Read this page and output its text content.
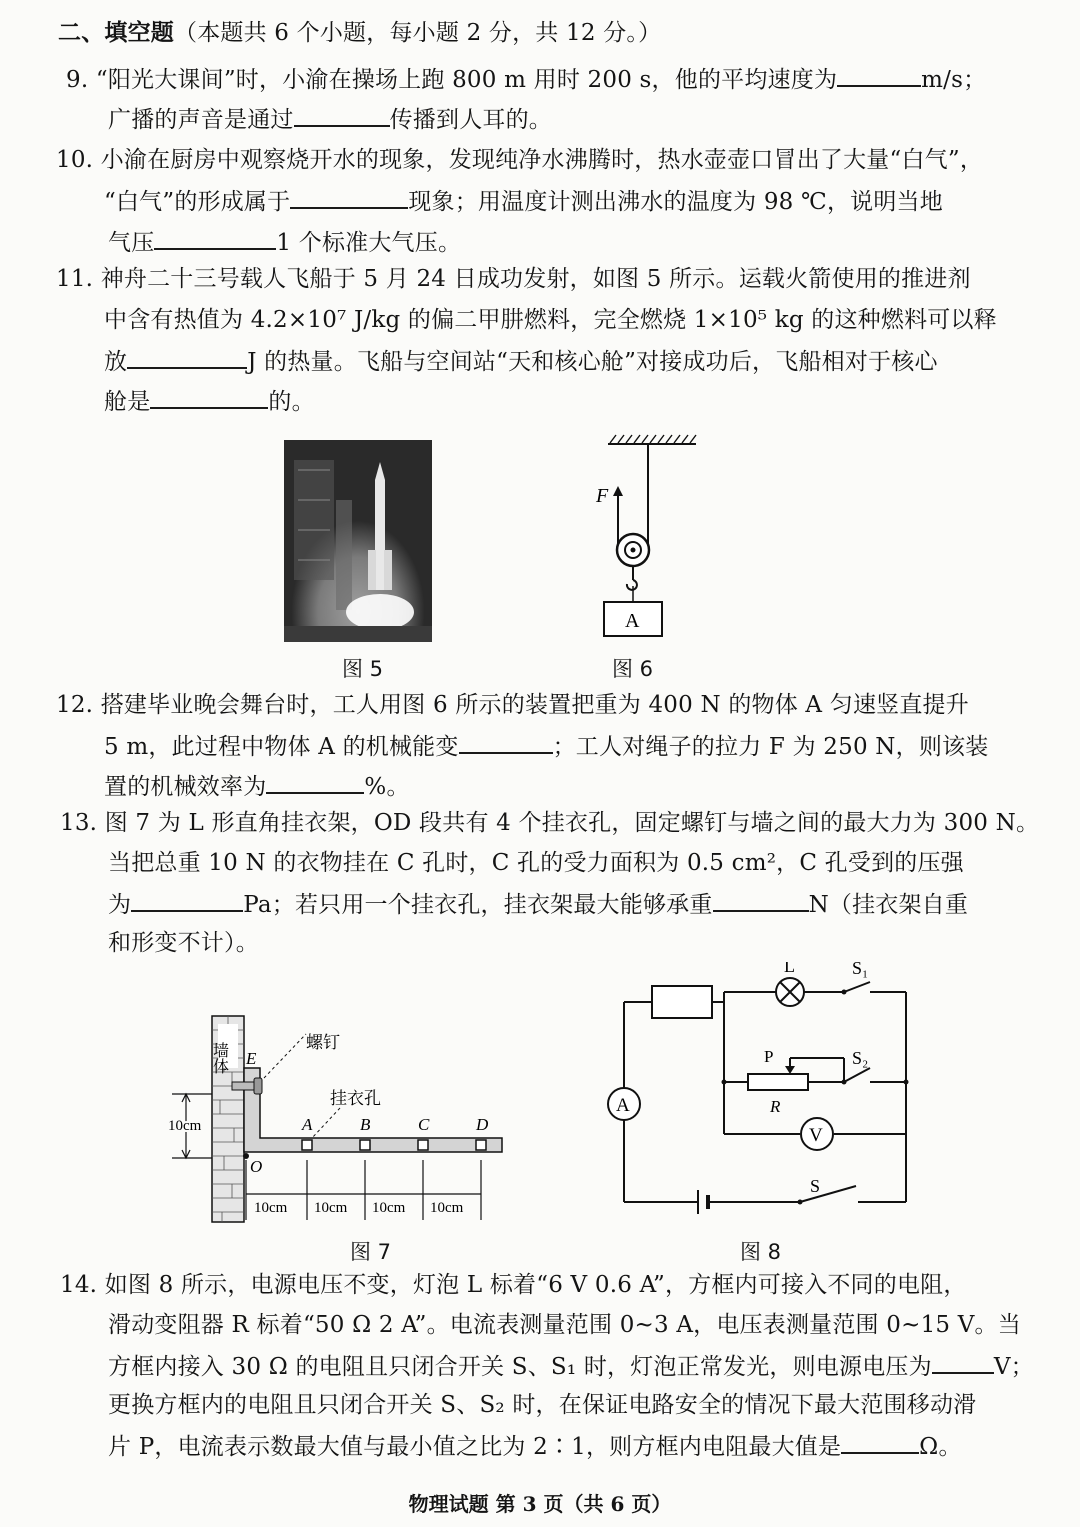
二、填空题（本题共 6 个小题，每小题 2 分，共 12 分。）
9. “阳光大课间”时，小渝在操场上跑 800 m 用时 200 s，他的平均速度为	m/s；
广播的声音是通过	传播到人耳的。
10. 小渝在厨房中观察烧开水的现象，发现纯净水沸腾时，热水壶壶口冒出了大量“白气”，
“白气”的形成属于	现象；用温度计测出沸水的温度为 98 ℃，说明当地
气压	1 个标准大气压。
11. 神舟二十三号载人飞船于 5 月 24 日成功发射，如图 5 所示。运载火箭使用的推进剂
中含有热值为 4.2×10⁷ J/kg 的偏二甲肼燃料，完全燃烧 1×10⁵ kg 的这种燃料可以释
放	J 的热量。飞船与空间站“天和核心舱”对接成功后，飞船相对于核心
舱是	的。
图 5
F
A
图 6
12. 搭建毕业晚会舞台时，工人用图 6 所示的装置把重为 400 N 的物体 A 匀速竖直提升
5 m，此过程中物体 A 的机械能变	；工人对绳子的拉力 F 为 250 N，则该装
置的机械效率为	%。
13. 图 7 为 L 形直角挂衣架，OD 段共有 4 个挂衣孔，固定螺钉与墙之间的最大力为 300 N。
当把总重 10 N 的衣物挂在 C 孔时，C 孔的受力面积为 0.5 cm²，C 孔受到的压强
为	Pa；若只用一个挂衣孔，挂衣架最大能够承重	N（挂衣架自重
和形变不计）。
墙体	螺钉
挂衣孔
E
O
A	B	C	D
10cm
10cm 10cm 10cm 10cm
图 7
L	S₁
P
R
S₂
V
A
S
图 8
14. 如图 8 所示，电源电压不变，灯泡 L 标着“6 V 0.6 A”，方框内可接入不同的电阻，
滑动变阻器 R 标着“50 Ω 2 A”。电流表测量范围 0~3 A，电压表测量范围 0~15 V。当
方框内接入 30 Ω 的电阻且只闭合开关 S、S₁ 时，灯泡正常发光，则电源电压为	V；
更换方框内的电阻且只闭合开关 S、S₂ 时，在保证电路安全的情况下最大范围移动滑
片 P，电流表示数最大值与最小值之比为 2∶1，则方框内电阻最大值是	Ω。
物理试题 第 3 页（共 6 页）
